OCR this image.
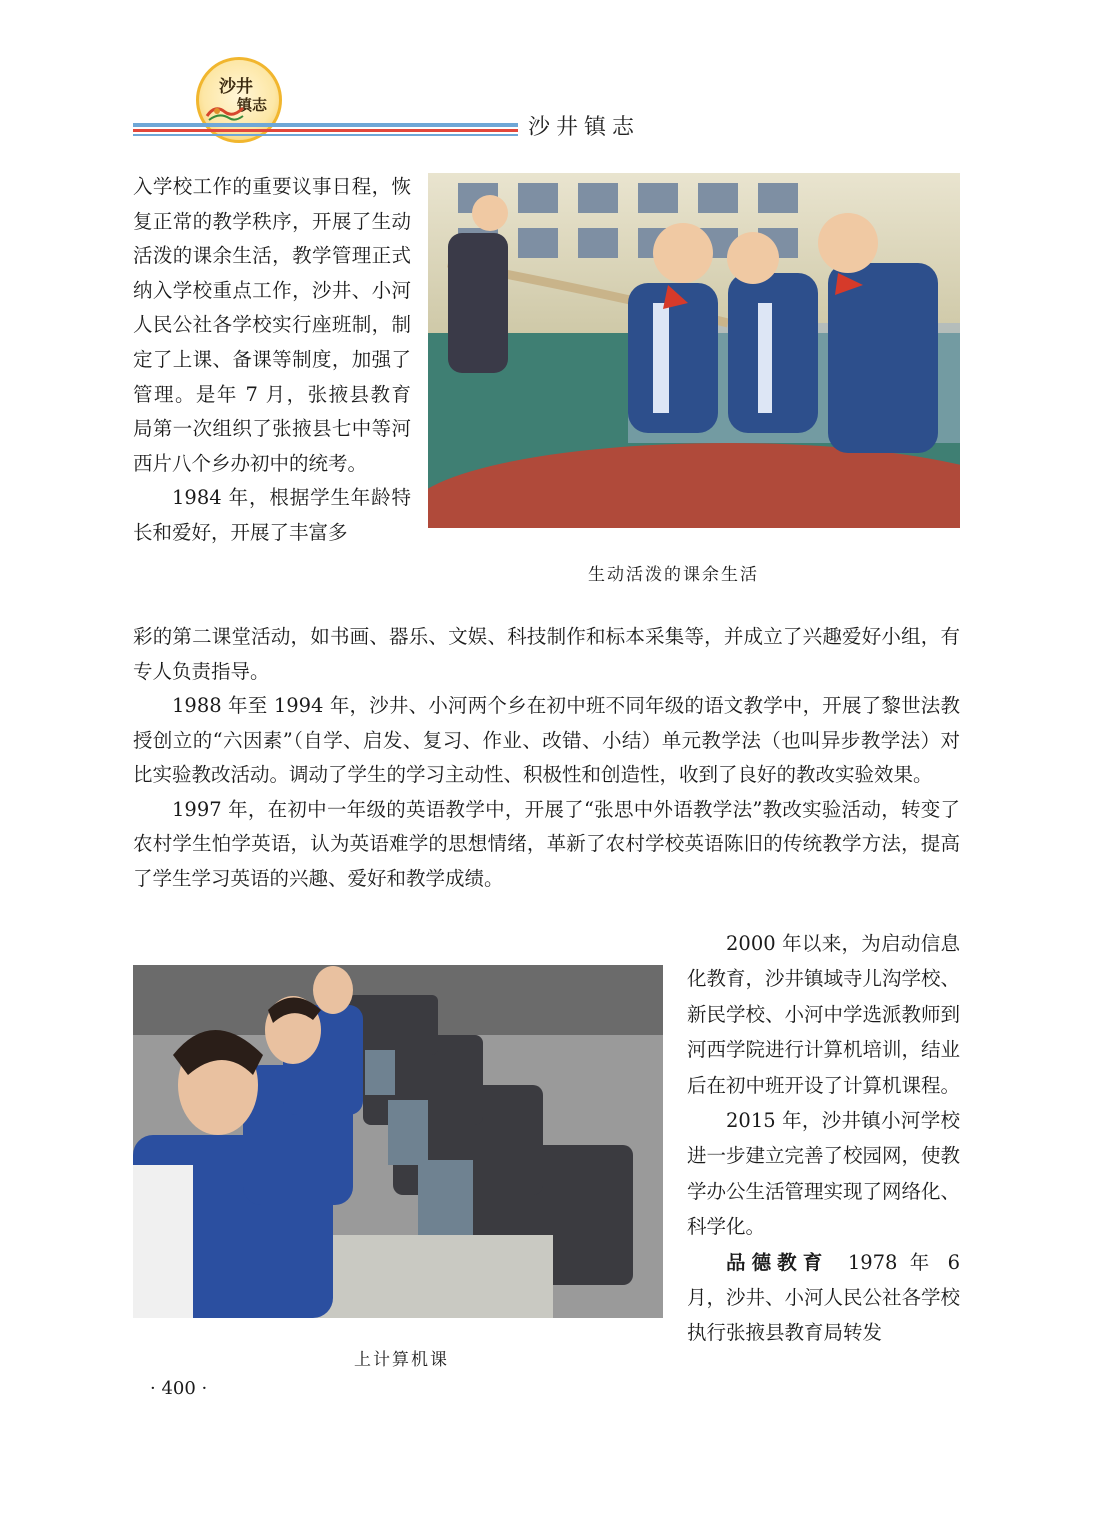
沙井
镇志
沙井镇志

入学校工作的重要议事日程，恢复正常的教学秩序，开展了生动活泼的课余生活，教学管理正式纳入学校重点工作，沙井、小河人民公社各学校实行座班制，制定了上课、备课等制度，加强了管理。是年 7 月，张掖县教育局第一次组织了张掖县七中等河西片八个乡办初中的统考。

1984 年，根据学生年龄特长和爱好，开展了丰富多

生动活泼的课余生活

彩的第二课堂活动，如书画、器乐、文娱、科技制作和标本采集等，并成立了兴趣爱好小组，有专人负责指导。

1988 年至 1994 年，沙井、小河两个乡在初中班不同年级的语文教学中，开展了黎世法教授创立的“六因素”（自学、启发、复习、作业、改错、小结）单元教学法（也叫异步教学法）对比实验教改活动。调动了学生的学习主动性、积极性和创造性，收到了良好的教改实验效果。

1997 年，在初中一年级的英语教学中，开展了“张思中外语教学法”教改实验活动，转变了农村学生怕学英语，认为英语难学的思想情绪，革新了农村学校英语陈旧的传统教学方法，提高了学生学习英语的兴趣、爱好和教学成绩。

上计算机课

2000 年以来，为启动信息化教育，沙井镇域寺儿沟学校、新民学校、小河中学选派教师到河西学院进行计算机培训，结业后在初中班开设了计算机课程。

2015 年，沙井镇小河学校进一步建立完善了校园网，使教学办公生活管理实现了网络化、科学化。

品德教育  1978 年 6 月，沙井、小河人民公社各学校执行张掖县教育局转发

· 400 ·
